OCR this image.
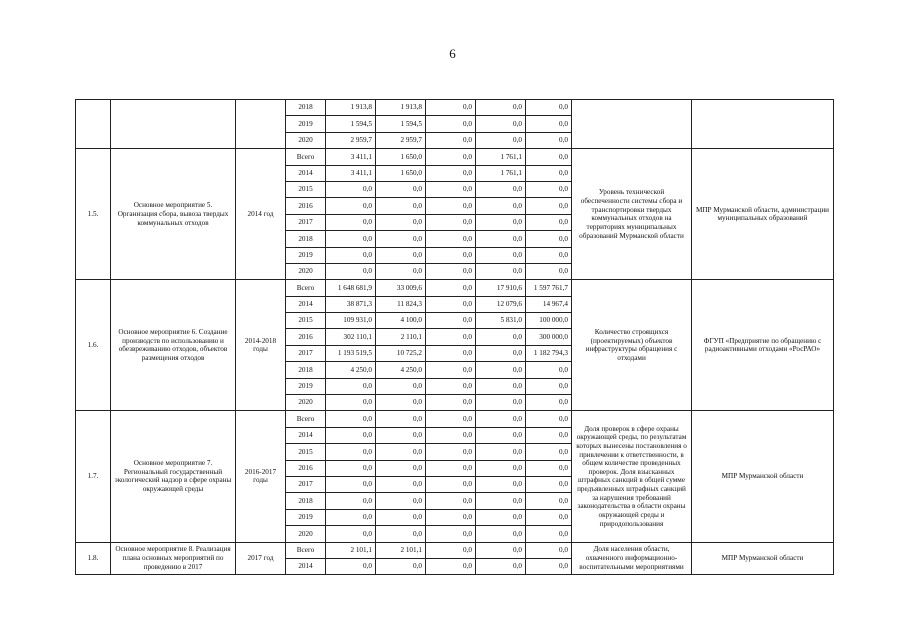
6
			2018	1 913,8	1 913,8	0,0	0,0	0,0		
			2019	1 594,5	1 594,5	0,0	0,0	0,0		
			2020	2 959,7	2 959,7	0,0	0,0	0,0		
1.5.	Основное мероприятие 5. Организация сбора, вывоза твердых коммунальных отходов	2014 год	Всего	3 411,1	1 650,0	0,0	1 761,1	0,0	Уровень технической обеспеченности системы сбора и транспортировки твердых коммунальных отходов на территориях муниципальных образований Мурманской области	МПР Мурманской области, администрации муниципальных образований
			2014	3 411,1	1 650,0	0,0	1 761,1	0,0		
			2015	0,0	0,0	0,0	0,0	0,0		
			2016	0,0	0,0	0,0	0,0	0,0		
			2017	0,0	0,0	0,0	0,0	0,0		
			2018	0,0	0,0	0,0	0,0	0,0		
			2019	0,0	0,0	0,0	0,0	0,0		
			2020	0,0	0,0	0,0	0,0	0,0		
1.6.	Основное мероприятие 6. Создание производств по использованию и обезвреживанию отходов, объектов размещения отходов	2014-2018 годы	Всего	1 648 681,9	33 009,6	0,0	17 910,6	1 597 761,7	Количество строящихся (проектируемых) объектов инфраструктуры обращения с отходами	ФГУП «Предприятие по обращению с радиоактивными отходами «РосРАО»
			2014	38 871,3	11 824,3	0,0	12 079,6	14 967,4		
			2015	109 931,0	4 100,0	0,0	5 831,0	100 000,0		
			2016	302 110,1	2 110,1	0,0	0,0	300 000,0		
			2017	1 193 519,5	10 725,2	0,0	0,0	1 182 794,3		
			2018	4 250,0	4 250,0	0,0	0,0	0,0		
			2019	0,0	0,0	0,0	0,0	0,0		
			2020	0,0	0,0	0,0	0,0	0,0		
1.7.	Основное мероприятие 7. Региональный государственный экологический надзор в сфере охраны окружающей среды	2016-2017 годы	Всего	0,0	0,0	0,0	0,0	0,0	Доля проверок в сфере охраны окружающей среды, по результатам которых вынесены постановления о привлечении к ответственности, в общем количестве проведенных проверок. Доля взысканных штрафных санкций в общей сумме предъявленных штрафных санкций за нарушения требований законодательства в области охраны окружающей среды и природопользования	МПР Мурманской области
			2014	0,0	0,0	0,0	0,0	0,0		
			2015	0,0	0,0	0,0	0,0	0,0		
			2016	0,0	0,0	0,0	0,0	0,0		
			2017	0,0	0,0	0,0	0,0	0,0		
			2018	0,0	0,0	0,0	0,0	0,0		
			2019	0,0	0,0	0,0	0,0	0,0		
			2020	0,0	0,0	0,0	0,0	0,0		
1.8.	Основное мероприятие 8. Реализация плана основных мероприятий по проведению в 2017	2017 год	Всего	2 101,1	2 101,1	0,0	0,0	0,0	Доля населения области, охваченного информационно-воспитательными мероприятиями	МПР Мурманской области
			2014	0,0	0,0	0,0	0,0	0,0		
